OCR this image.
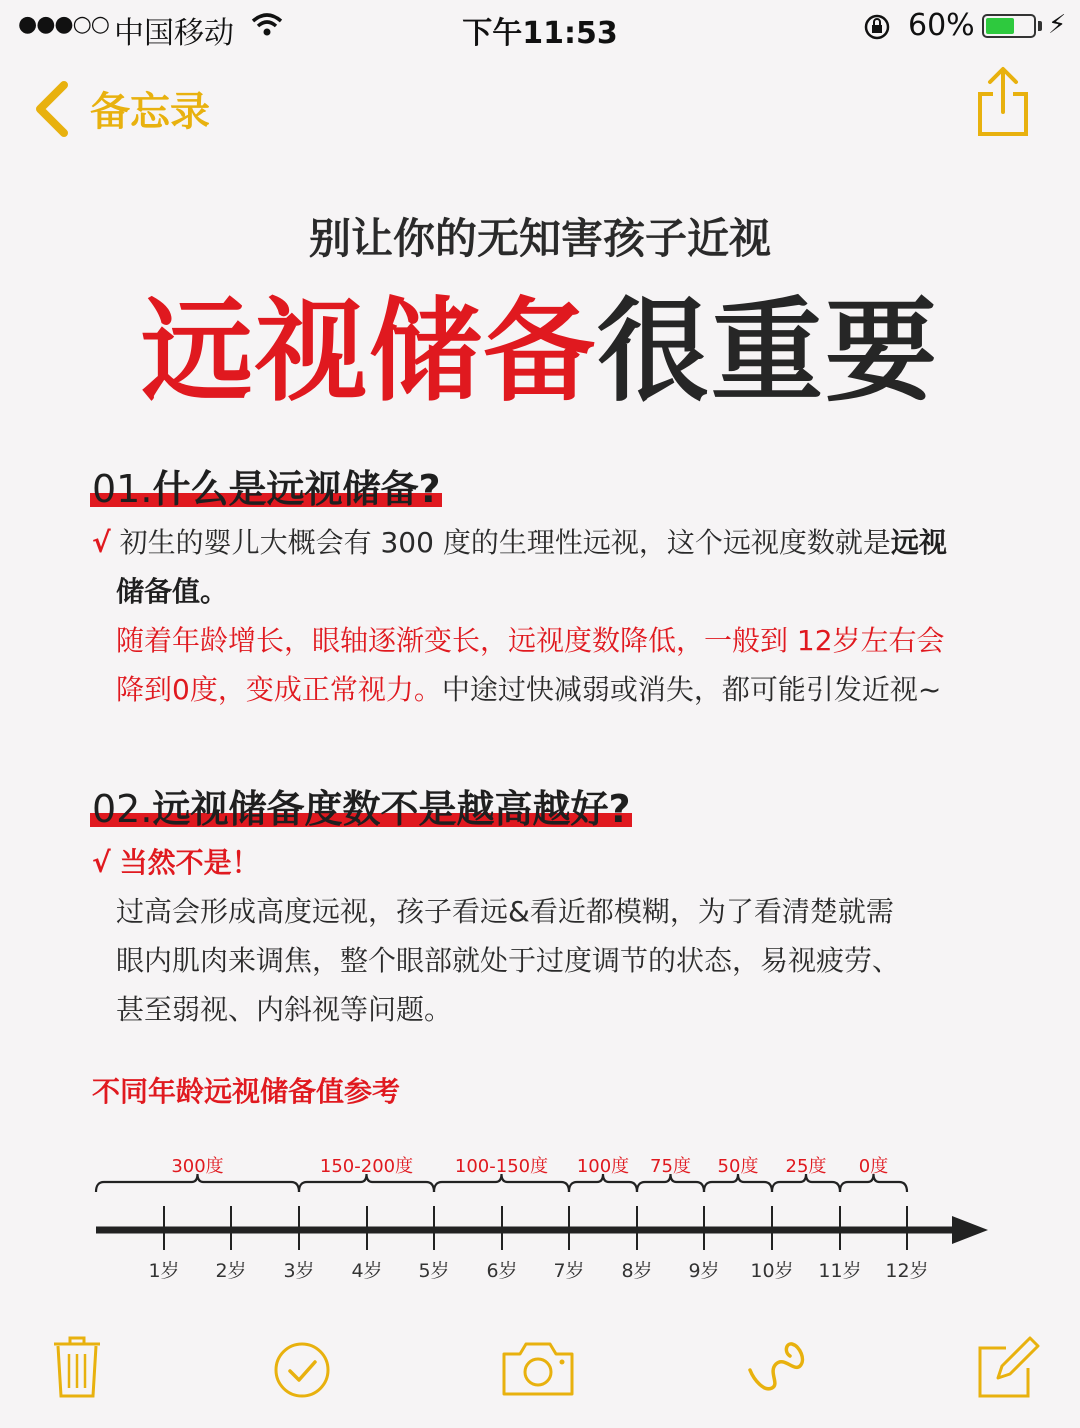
●●●○○ 中国移动	下午11:53	60%	⚡
备忘录
别让你的无知害孩子近视
远视储备很重要
01.什么是远视储备?
√ 初生的婴儿大概会有 300 度的生理性远视，这个远视度数就是远视
储备值。
随着年龄增长，眼轴逐渐变长，远视度数降低，一般到 12岁左右会
降到0度，变成正常视力。中途过快减弱或消失，都可能引发近视~
02.远视储备度数不是越高越好?
√ 当然不是！
过高会形成高度远视，孩子看远&看近都模糊，为了看清楚就需
眼内肌肉来调焦，整个眼部就处于过度调节的状态，易视疲劳、
甚至弱视、内斜视等问题。
不同年龄远视储备值参考
300度	150-200度	100-150度	100度	75度	50度	25度	0度
1岁	2岁	3岁	4岁	5岁	6岁	7岁	8岁	9岁	10岁	11岁	12岁
